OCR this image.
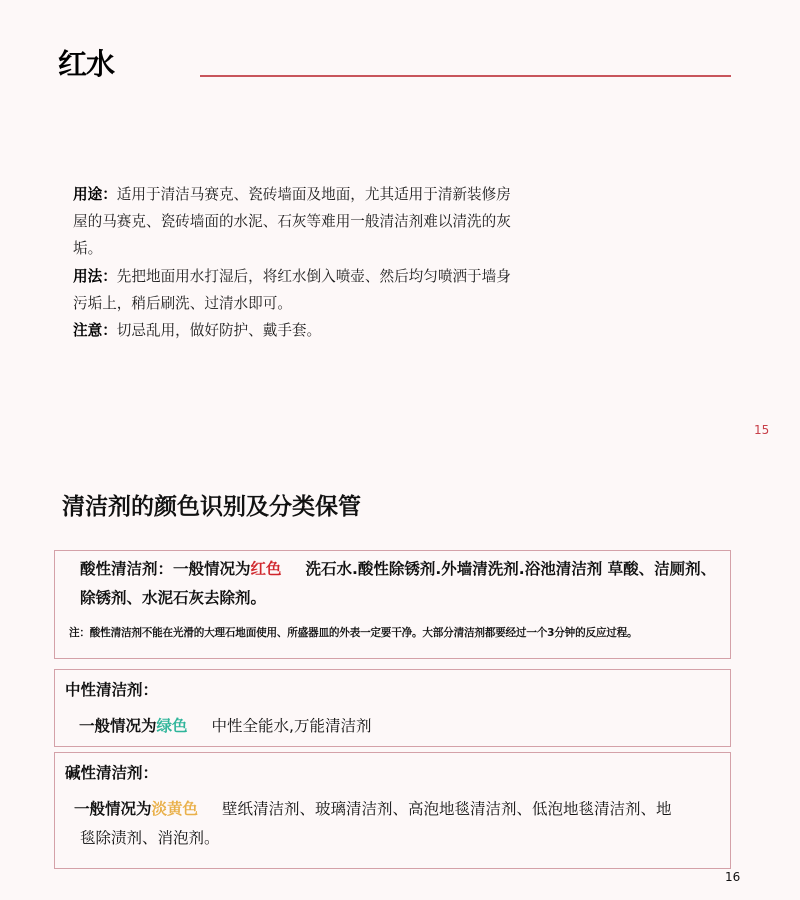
红水

用途：适用于清洁马赛克、瓷砖墙面及地面，尤其适用于清新装修房屋的马赛克、瓷砖墙面的水泥、石灰等难用一般清洁剂难以清洗的灰垢。

用法：先把地面用水打湿后，将红水倒入喷壶、然后均匀喷洒于墙身污垢上，稍后刷洗、过清水即可。

注意：切忌乱用，做好防护、戴手套。

15
清洁剂的颜色识别及分类保管
酸性清洁剂：一般情况为红色 洗石水.酸性除锈剂.外墙清洗剂.浴池清洁剂 草酸、洁厕剂、除锈剂、水泥石灰去除剂。
注：酸性清洁剂不能在光滑的大理石地面使用、所盛器皿的外表一定要干净。大部分清洁剂都要经过一个3分钟的反应过程。
中性清洁剂：
一般情况为绿色 中性全能水,万能清洁剂
碱性清洁剂：
一般情况为淡黄色 壁纸清洁剂、玻璃清洁剂、高泡地毯清洁剂、低泡地毯清洁剂、地
毯除渍剂、消泡剂。
16
